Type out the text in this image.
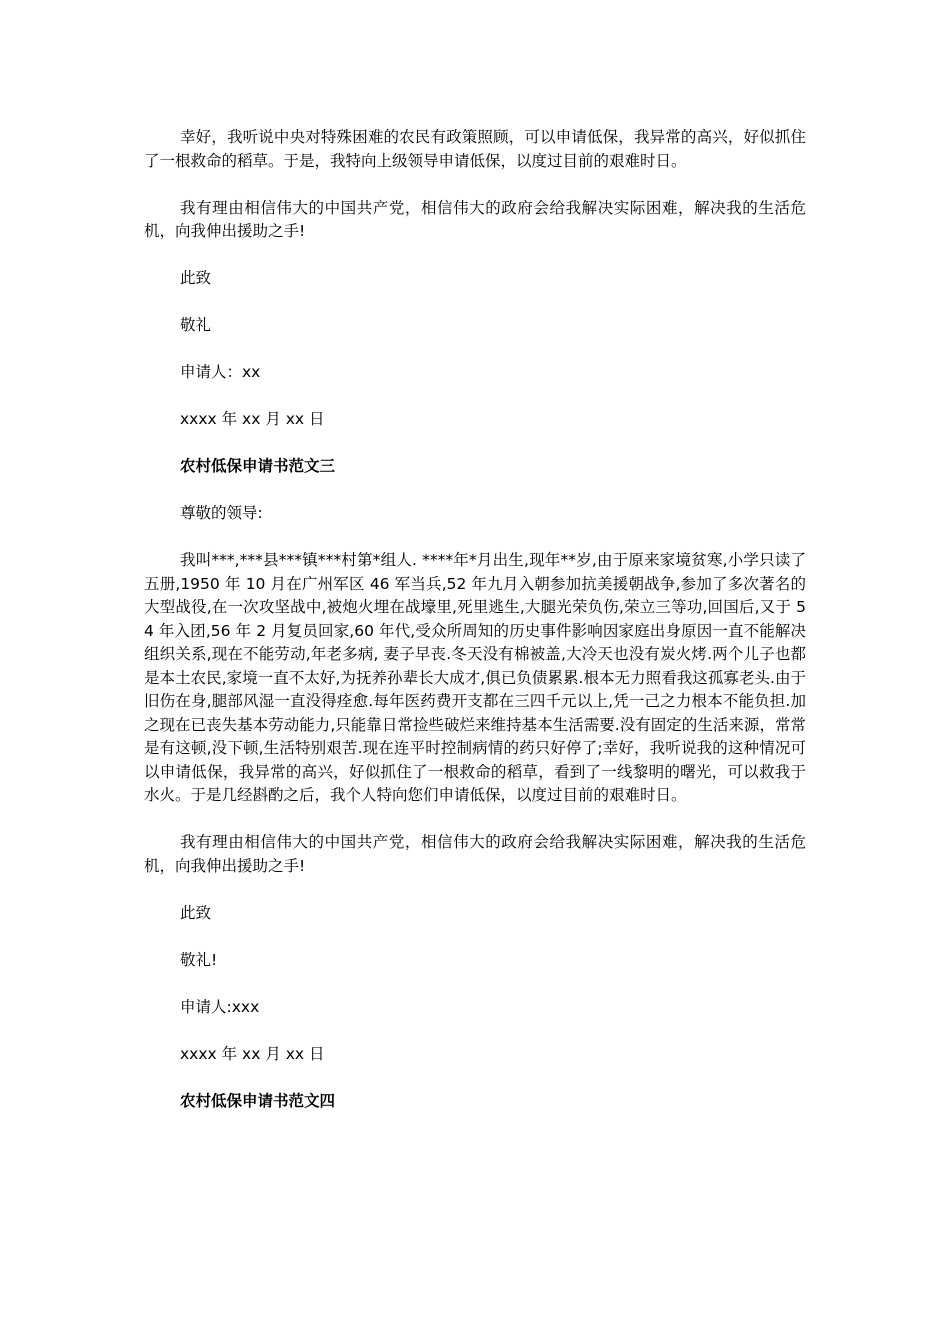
幸好，我听说中央对特殊困难的农民有政策照顾，可以申请低保，我异常的高兴，好似抓住了一根救命的稻草。于是，我特向上级领导申请低保，以度过目前的艰难时日。

我有理由相信伟大的中国共产党，相信伟大的政府会给我解决实际困难，解决我的生活危机，向我伸出援助之手!

此致

敬礼

申请人：xx

xxxx 年 xx 月 xx 日

农村低保申请书范文三

尊敬的领导:

我叫***,***县***镇***村第*组人. ****年*月出生,现年**岁,由于原来家境贫寒,小学只读了五册,1950 年 10 月在广州军区 46 军当兵,52 年九月入朝参加抗美援朝战争,参加了多次著名的大型战役,在一次攻坚战中,被炮火埋在战壕里,死里逃生,大腿光荣负伤,荣立三等功,回国后,又于 54 年入团,56 年 2 月复员回家,60 年代,受众所周知的历史事件影响因家庭出身原因一直不能解决组织关系,现在不能劳动,年老多病, 妻子早丧.冬天没有棉被盖,大冷天也没有炭火烤.两个儿子也都是本土农民,家境一直不太好,为抚养孙辈长大成才,俱已负债累累.根本无力照看我这孤寡老头.由于旧伤在身,腿部风湿一直没得痊愈.每年医药费开支都在三四千元以上,凭一己之力根本不能负担.加之现在已丧失基本劳动能力,只能靠日常捡些破烂来维持基本生活需要.没有固定的生活来源，常常是有这顿,没下顿,生活特别艰苦.现在连平时控制病情的药只好停了;幸好，我听说我的这种情况可以申请低保，我异常的高兴，好似抓住了一根救命的稻草，看到了一线黎明的曙光，可以救我于水火。于是几经斟酌之后，我个人特向您们申请低保，以度过目前的艰难时日。

我有理由相信伟大的中国共产党，相信伟大的政府会给我解决实际困难，解决我的生活危机，向我伸出援助之手!

此致

敬礼!

申请人:xxx

xxxx 年 xx 月 xx 日

农村低保申请书范文四
